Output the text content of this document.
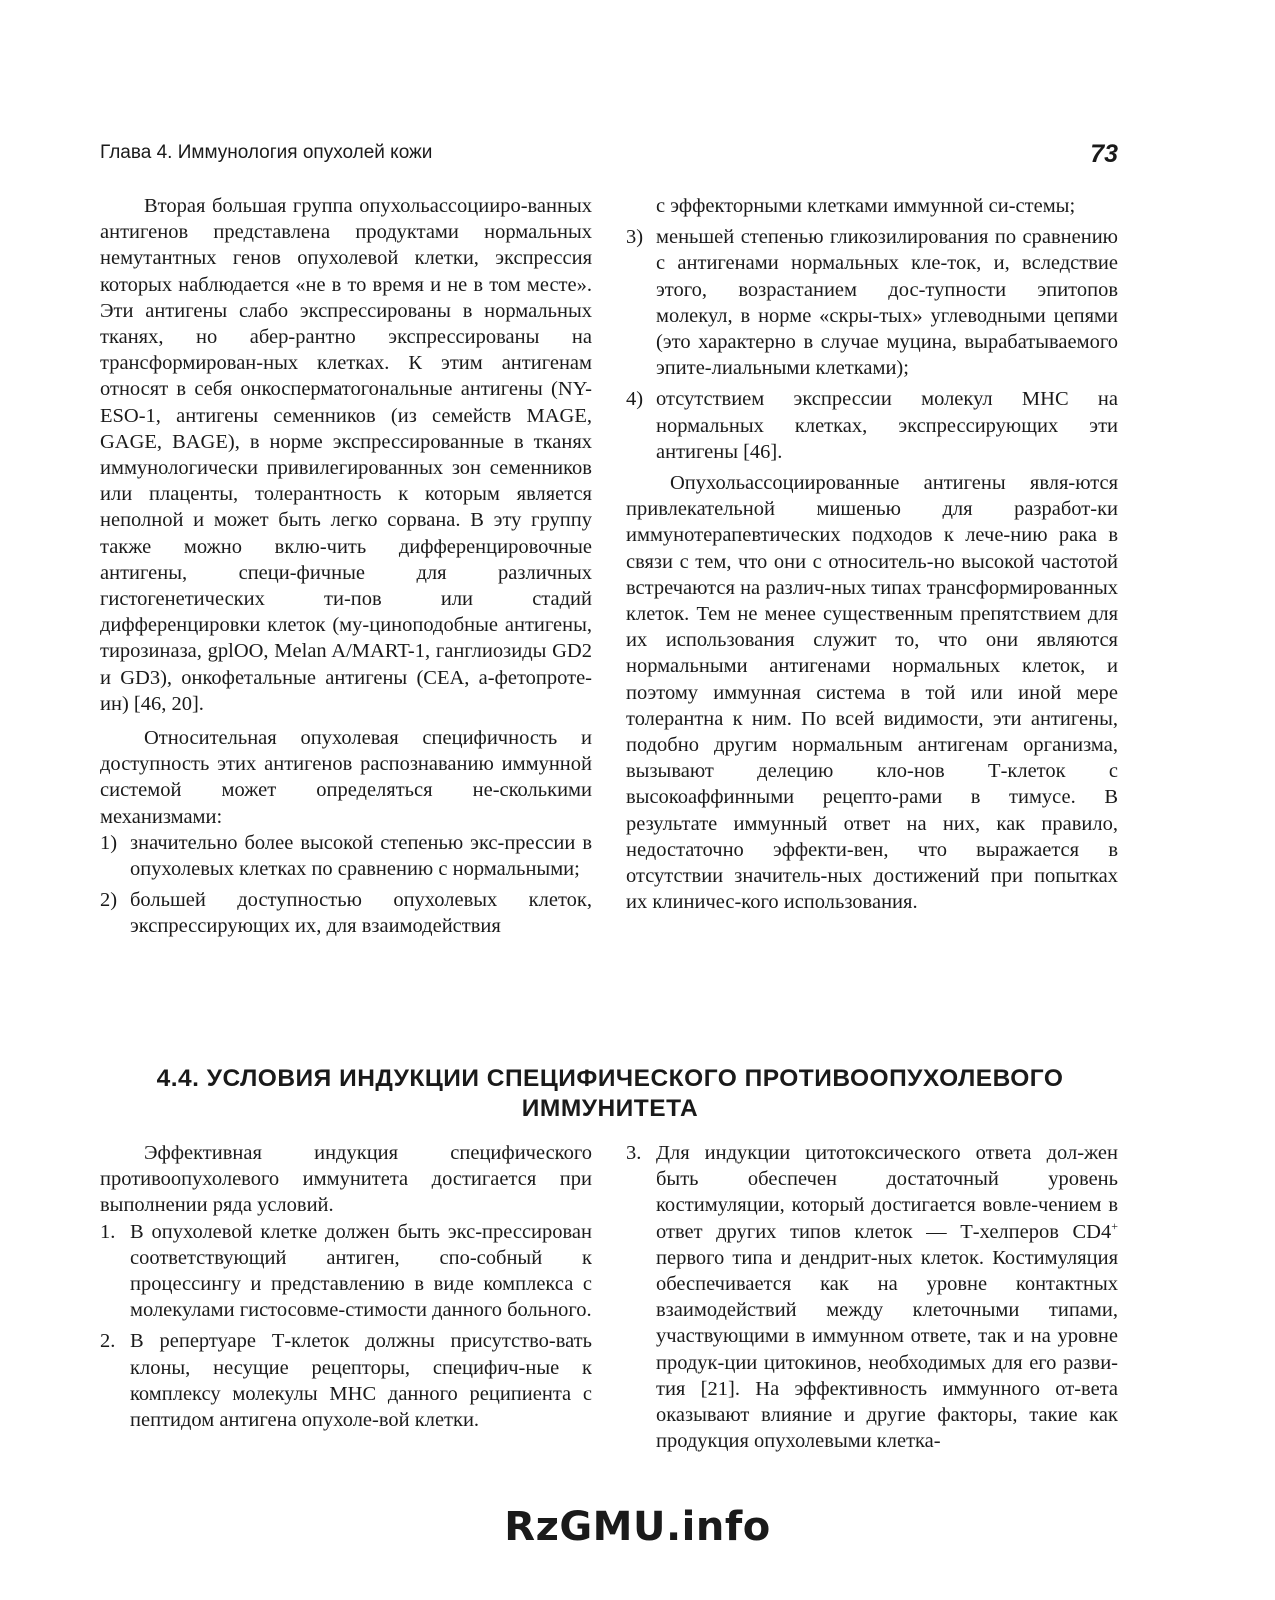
Глава 4. Иммунология опухолей кожи	73

Вторая большая группа опухольассоцииро-ванных антигенов представлена продуктами нормальных немутантных генов опухолевой клетки, экспрессия которых наблюдается «не в то время и не в том месте». Эти антигены слабо экспрессированы в нормальных тканях, но абер-рантно экспрессированы на трансформирован-ных клетках. К этим антигенам относят в себя онкосперматогональные антигены (NY-ESO-1, антигены семенников (из семейств MAGE, GAGE, BAGE), в норме экспрессированные в тканях иммунологически привилегированных зон семенников или плаценты, толерантность к которым является неполной и может быть легко сорвана. В эту группу также можно вклю-чить дифференцировочные антигены, специ-фичные для различных гистогенетических ти-пов или стадий дифференцировки клеток (му-циноподобные антигены, тирозиназа, gplOO, Melan A/MART-1, ганглиозиды GD2 и GD3), онкофетальные антигены (CEA, а-фетопроте-ин) [46, 20].

Относительная опухолевая специфичность и доступность этих антигенов распознаванию иммунной системой может определяться не-сколькими механизмами:

1) значительно более высокой степенью экс-прессии в опухолевых клетках по сравнению с нормальными;
2) большей доступностью опухолевых клеток, экспрессирующих их, для взаимодействия
с эффекторными клетками иммунной си-стемы;
3) меньшей степенью гликозилирования по сравнению с антигенами нормальных кле-ток, и, вследствие этого, возрастанием дос-тупности эпитопов молекул, в норме «скры-тых» углеводными цепями (это характерно в случае муцина, вырабатываемого эпите-лиальными клетками);
4) отсутствием экспрессии молекул MHC на нормальных клетках, экспрессирующих эти антигены [46].

Опухольассоциированные антигены явля-ются привлекательной мишенью для разработ-ки иммунотерапевтических подходов к лече-нию рака в связи с тем, что они с относитель-но высокой частотой встречаются на различ-ных типах трансформированных клеток. Тем не менее существенным препятствием для их использования служит то, что они являются нормальными антигенами нормальных клеток, и поэтому иммунная система в той или иной мере толерантна к ним. По всей видимости, эти антигены, подобно другим нормальным антигенам организма, вызывают делецию кло-нов Т-клеток с высокоаффинными рецепто-рами в тимусе. В результате иммунный ответ на них, как правило, недостаточно эффекти-вен, что выражается в отсутствии значитель-ных достижений при попытках их клиничес-кого использования.

4.4. УСЛОВИЯ ИНДУКЦИИ СПЕЦИФИЧЕСКОГО ПРОТИВООПУХОЛЕВОГО
ИММУНИТЕТА

Эффективная индукция специфического противоопухолевого иммунитета достигается при выполнении ряда условий.

1. В опухолевой клетке должен быть экс-прессирован соответствующий антиген, спо-собный к процессингу и представлению в виде комплекса с молекулами гистосовме-стимости данного больного.
2. В репертуаре Т-клеток должны присутство-вать клоны, несущие рецепторы, специфич-ные к комплексу молекулы MHC данного реципиента с пептидом антигена опухоле-вой клетки.
3. Для индукции цитотоксического ответа дол-жен быть обеспечен достаточный уровень костимуляции, который достигается вовле-чением в ответ других типов клеток — Т-хелперов CD4+ первого типа и дендрит-ных клеток. Костимуляция обеспечивается как на уровне контактных взаимодействий между клеточными типами, участвующими в иммунном ответе, так и на уровне продук-ции цитокинов, необходимых для его разви-тия [21]. На эффективность иммунного от-вета оказывают влияние и другие факторы, такие как продукция опухолевыми клетка-
RzGMU.info
